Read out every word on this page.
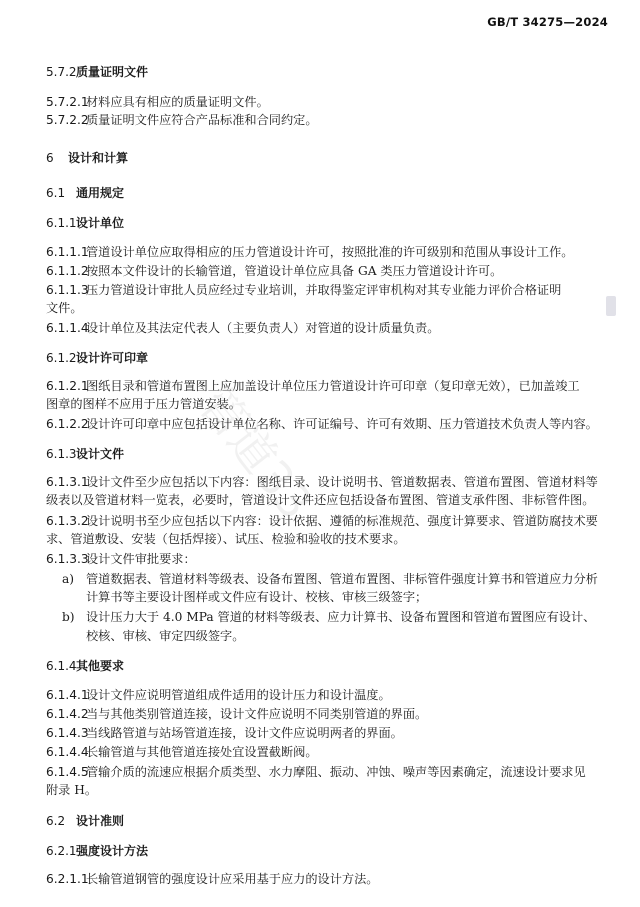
GB/T 34275—2024
管道33
5.7.2质量证明文件
5.7.2.1材料应具有相应的质量证明文件。
5.7.2.2质量证明文件应符合产品标准和合同约定。
6 设计和计算
6.1 通用规定
6.1.1设计单位
6.1.1.1管道设计单位应取得相应的压力管道设计许可，按照批准的许可级别和范围从事设计工作。
6.1.1.2按照本文件设计的长输管道，管道设计单位应具备 GA 类压力管道设计许可。
6.1.1.3压力管道设计审批人员应经过专业培训，并取得鉴定评审机构对其专业能力评价合格证明
文件。
6.1.1.4设计单位及其法定代表人（主要负责人）对管道的设计质量负责。
6.1.2设计许可印章
6.1.2.1图纸目录和管道布置图上应加盖设计单位压力管道设计许可印章（复印章无效），已加盖竣工
图章的图样不应用于压力管道安装。
6.1.2.2设计许可印章中应包括设计单位名称、许可证编号、许可有效期、压力管道技术负责人等内容。
6.1.3设计文件
6.1.3.1设计文件至少应包括以下内容：图纸目录、设计说明书、管道数据表、管道布置图、管道材料等
级表以及管道材料一览表，必要时，管道设计文件还应包括设备布置图、管道支承件图、非标管件图。
6.1.3.2设计说明书至少应包括以下内容：设计依据、遵循的标准规范、强度计算要求、管道防腐技术要
求、管道敷设、安装（包括焊接）、试压、检验和验收的技术要求。
6.1.3.3设计文件审批要求：
a) 管道数据表、管道材料等级表、设备布置图、管道布置图、非标管件强度计算书和管道应力分析
计算书等主要设计图样或文件应有设计、校核、审核三级签字；
b) 设计压力大于 4.0 MPa 管道的材料等级表、应力计算书、设备布置图和管道布置图应有设计、
校核、审核、审定四级签字。
6.1.4其他要求
6.1.4.1设计文件应说明管道组成件适用的设计压力和设计温度。
6.1.4.2当与其他类别管道连接，设计文件应说明不同类别管道的界面。
6.1.4.3当线路管道与站场管道连接，设计文件应说明两者的界面。
6.1.4.4长输管道与其他管道连接处宜设置截断阀。
6.1.4.5管输介质的流速应根据介质类型、水力摩阻、振动、冲蚀、噪声等因素确定，流速设计要求见
附录 H。
6.2 设计准则
6.2.1强度设计方法
6.2.1.1长输管道钢管的强度设计应采用基于应力的设计方法。
